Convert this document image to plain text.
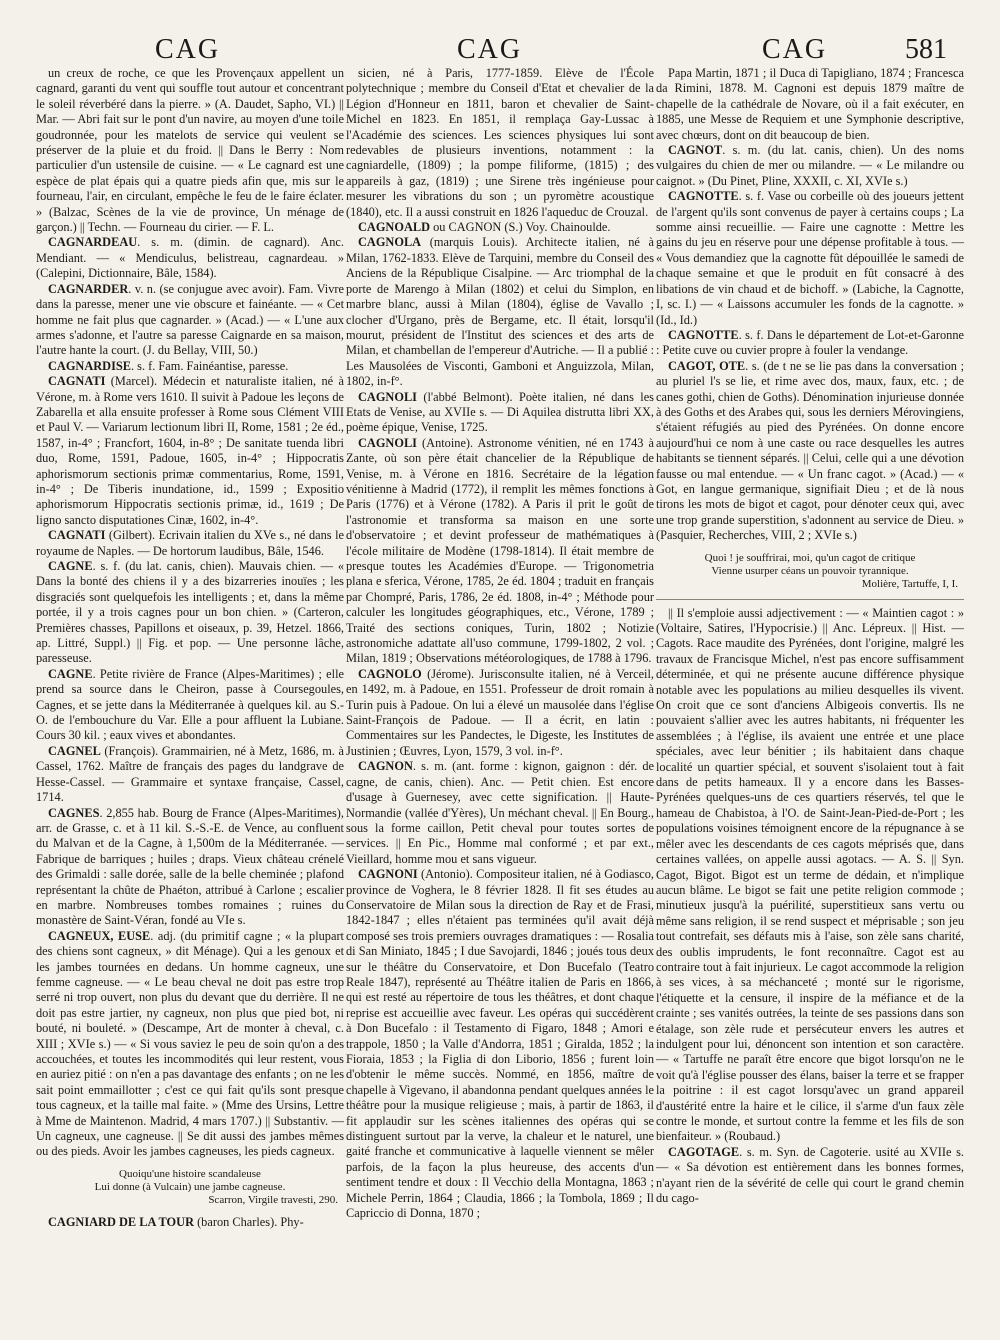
CAG	CAG	CAG	581

un creux de roche, ce que les Provençaux appellent un cagnard, garanti du vent qui souffle tout autour et concentrant le soleil réverbéré dans la pierre. » (A. Daudet, Sapho, VI.) || Mar. — Abri fait sur le pont d'un navire, au moyen d'une toile goudronnée, pour les matelots de service qui veulent se préserver de la pluie et du froid. || Dans le Berry : Nom particulier d'un ustensile de cuisine. — « Le cagnard est une espèce de plat épais qui a quatre pieds afin que, mis sur le fourneau, l'air, en circulant, empêche le feu de le faire éclater. » (Balzac, Scènes de la vie de province, Un ménage de garçon.) || Techn. — Fourneau du cirier. — F. L.

CAGNARDEAU. s. m. (dimin. de cagnard). Anc. Mendiant. — « Mendiculus, belistreau, cagnardeau. » (Calepini, Dictionnaire, Bâle, 1584).

CAGNARDER. v. n. (se conjugue avec avoir). Fam. Vivre dans la paresse, mener une vie obscure et fainéante. — « Cet homme ne fait plus que cagnarder. » (Acad.) — « L'une aux armes s'adonne, et l'autre sa paresse Caignarde en sa maison, l'autre hante la court. (J. du Bellay, VIII, 50.)

CAGNARDISE. s. f. Fam. Fainéantise, paresse.

CAGNATI (Marcel). Médecin et naturaliste italien, né à Vérone, m. à Rome vers 1610. Il suivit à Padoue les leçons de Zabarella et alla ensuite professer à Rome sous Clément VIII et Paul V. — Variarum lectionum libri II, Rome, 1581 ; 2e éd., 1587, in-4° ; Francfort, 1604, in-8° ; De sanitate tuenda libri duo, Rome, 1591, Padoue, 1605, in-4° ; Hippocratis aphorismorum sectionis primæ commentarius, Rome, 1591, in-4° ; De Tiberis inundatione, id., 1599 ; Expositio aphorismorum Hippocratis sectionis primæ, id., 1619 ; De ligno sancto disputationes Cinæ, 1602, in-4°.

CAGNATI (Gilbert). Ecrivain italien du XVe s., né dans le royaume de Naples. — De hortorum laudibus, Bâle, 1546.

CAGNE. s. f. (du lat. canis, chien). Mauvais chien. — « Dans la bonté des chiens il y a des bizarreries inouïes ; les disgraciés sont quelquefois les intelligents ; et, dans la même portée, il y a trois cagnes pour un bon chien. » (Carteron, Premières chasses, Papillons et oiseaux, p. 39, Hetzel. 1866, ap. Littré, Suppl.) || Fig. et pop. — Une personne lâche, paresseuse.

CAGNE. Petite rivière de France (Alpes-Maritimes) ; elle prend sa source dans le Cheiron, passe à Coursegoules, Cagnes, et se jette dans la Méditerranée à quelques kil. au S.-O. de l'embouchure du Var. Elle a pour affluent la Lubiane. Cours 30 kil. ; eaux vives et abondantes.

CAGNEL (François). Grammairien, né à Metz, 1686, m. à Cassel, 1762. Maître de français des pages du landgrave de Hesse-Cassel. — Grammaire et syntaxe française, Cassel, 1714.

CAGNES. 2,855 hab. Bourg de France (Alpes-Maritimes), arr. de Grasse, c. et à 11 kil. S.-S.-E. de Vence, au confluent du Malvan et de la Cagne, à 1,500m de la Méditerranée. — Fabrique de barriques ; huiles ; draps. Vieux château crénelé des Grimaldi : salle dorée, salle de la belle cheminée ; plafond représentant la chûte de Phaéton, attribué à Carlone ; escalier en marbre. Nombreuses tombes romaines ; ruines du monastère de Saint-Véran, fondé au VIe s.

CAGNEUX, EUSE. adj. (du primitif cagne ; « la plupart des chiens sont cagneux, » dit Ménage). Qui a les genoux et les jambes tournées en dedans. Un homme cagneux, une femme cagneuse. — « Le beau cheval ne doit pas estre trop serré ni trop ouvert, non plus du devant que du derrière. Il ne doit pas estre jartier, ny cagneux, non plus que pied bot, ni bouté, ni bouleté. » (Descampe, Art de monter à cheval, c. XIII ; XVIe s.) — « Si vous saviez le peu de soin qu'on a des accouchées, et toutes les incommodités qui leur restent, vous en auriez pitié : on n'en a pas davantage des enfants ; on ne les sait point emmaillotter ; c'est ce qui fait qu'ils sont presque tous cagneux, et la taille mal faite. » (Mme des Ursins, Lettre à Mme de Maintenon. Madrid, 4 mars 1707.) || Substantiv. — Un cagneux, une cagneuse. || Se dit aussi des jambes mêmes ou des pieds. Avoir les jambes cagneuses, les pieds cagneux.

Quoiqu'une histoire scandaleuse
Lui donne (à Vulcain) une jambe cagneuse.
Scarron, Virgile travesti, 290.

CAGNIARD DE LA TOUR (baron Charles). Phy-

sicien, né à Paris, 1777-1859. Elève de l'École polytechnique ; membre du Conseil d'Etat et chevalier de la Légion d'Honneur en 1811, baron et chevalier de Saint-Michel en 1823. En 1851, il remplaça Gay-Lussac à l'Académie des sciences. Les sciences physiques lui sont redevables de plusieurs inventions, notamment : la cagniardelle, (1809) ; la pompe filiforme, (1815) ; des appareils à gaz, (1819) ; une Sirene très ingénieuse pour mesurer les vibrations du son ; un pyromètre acoustique (1840), etc. Il a aussi construit en 1826 l'aqueduc de Crouzal.

CAGNOALD ou CAGNON (S.) Voy. Chainoulde.

CAGNOLA (marquis Louis). Architecte italien, né à Milan, 1762-1833. Elève de Tarquini, membre du Conseil des Anciens de la République Cisalpine. — Arc triomphal de la porte de Marengo à Milan (1802) et celui du Simplon, en marbre blanc, aussi à Milan (1804), église de Vavallo ; clocher d'Urgano, près de Bergame, etc. Il était, lorsqu'il mourut, président de l'Institut des sciences et des arts de Milan, et chambellan de l'empereur d'Autriche. — Il a publié : Les Mausolées de Visconti, Gamboni et Anguizzola, Milan, 1802, in-f°.

CAGNOLI (l'abbé Belmont). Poète italien, né dans les Etats de Venise, au XVIIe s. — Di Aquilea distrutta libri XX, poème épique, Venise, 1725.

CAGNOLI (Antoine). Astronome vénitien, né en 1743 à Zante, où son père était chancelier de la République de Venise, m. à Vérone en 1816. Secrétaire de la légation vénitienne à Madrid (1772), il remplit les mêmes fonctions à Paris (1776) et à Vérone (1782). A Paris il prit le goût de l'astronomie et transforma sa maison en une sorte d'observatoire ; et devint professeur de mathématiques à l'école militaire de Modène (1798-1814). Il était membre de presque toutes les Académies d'Europe. — Trigonometria plana e sferica, Vérone, 1785, 2e éd. 1804 ; traduit en français par Chompré, Paris, 1786, 2e éd. 1808, in-4° ; Méthode pour calculer les longitudes géographiques, etc., Vérone, 1789 ; Traité des sections coniques, Turin, 1802 ; Notizie astronomiche adattate all'uso commune, 1799-1802, 2 vol. ; Milan, 1819 ; Observations météorologiques, de 1788 à 1796.

CAGNOLO (Jérome). Jurisconsulte italien, né à Verceil, en 1492, m. à Padoue, en 1551. Professeur de droit romain à Turin puis à Padoue. On lui a élevé un mausolée dans l'église Saint-François de Padoue. — Il a écrit, en latin : Commentaires sur les Pandectes, le Digeste, les Institutes de Justinien ; Œuvres, Lyon, 1579, 3 vol. in-f°.

CAGNON. s. m. (ant. forme : kignon, gaignon : dér. de cagne, de canis, chien). Anc. — Petit chien. Est encore d'usage à Guernesey, avec cette signification. || Haute-Normandie (vallée d'Yères), Un méchant cheval. || En Bourg., sous la forme caillon, Petit cheval pour toutes sortes de services. || En Pic., Homme mal conformé ; et par ext., Vieillard, homme mou et sans vigueur.

CAGNONI (Antonio). Compositeur italien, né à Godiasco, province de Voghera, le 8 février 1828. Il fit ses études au Conservatoire de Milan sous la direction de Ray et de Frasi, 1842-1847 ; elles n'étaient pas terminées qu'il avait déjà composé ses trois premiers ouvrages dramatiques : — Rosalia di San Miniato, 1845 ; I due Savojardi, 1846 ; joués tous deux sur le théâtre du Conservatoire, et Don Bucefalo (Teatro Reale 1847), représenté au Théâtre italien de Paris en 1866, qui est resté au répertoire de tous les théâtres, et dont chaque reprise est accueillie avec faveur. Les opéras qui succédèrent à Don Bucefalo : il Testamento di Figaro, 1848 ; Amori e trappole, 1850 ; la Valle d'Andorra, 1851 ; Giralda, 1852 ; la Fioraia, 1853 ; la Figlia di don Liborio, 1856 ; furent loin d'obtenir le même succès. Nommé, en 1856, maître de chapelle à Vigevano, il abandonna pendant quelques années le théâtre pour la musique religieuse ; mais, à partir de 1863, il fit applaudir sur les scènes italiennes des opéras qui se distinguent surtout par la verve, la chaleur et le naturel, une gaité franche et communicative à laquelle viennent se mêler parfois, de la façon la plus heureuse, des accents d'un sentiment tendre et doux : Il Vecchio della Montagna, 1863 ; Michele Perrin, 1864 ; Claudia, 1866 ; la Tombola, 1869 ; Il Capriccio di Donna, 1870 ;

Papa Martin, 1871 ; il Duca di Tapigliano, 1874 ; Francesca da Rimini, 1878. M. Cagnoni est depuis 1879 maître de chapelle de la cathédrale de Novare, où il a fait exécuter, en 1885, une Messe de Requiem et une Symphonie descriptive, avec chœurs, dont on dit beaucoup de bien.

CAGNOT. s. m. (du lat. canis, chien). Un des noms vulgaires du chien de mer ou milandre. — « Le milandre ou caignot. » (Du Pinet, Pline, XXXII, c. XI, XVIe s.)

CAGNOTTE. s. f. Vase ou corbeille où des joueurs jettent de l'argent qu'ils sont convenus de payer à certains coups ; La somme ainsi recueillie. — Faire une cagnotte : Mettre les gains du jeu en réserve pour une dépense profitable à tous. — « Vous demandiez que la cagnotte fût dépouillée le samedi de chaque semaine et que le produit en fût consacré à des libations de vin chaud et de bichoff. » (Labiche, la Cagnotte, I, sc. I.) — « Laissons accumuler les fonds de la cagnotte. » (Id., Id.)

CAGNOTTE. s. f. Dans le département de Lot-et-Garonne : Petite cuve ou cuvier propre à fouler la vendange.

CAGOT, OTE. s. (de t ne se lie pas dans la conversation ; au pluriel l's se lie, et rime avec dos, maux, faux, etc. ; de canes gothi, chien de Goths). Dénomination injurieuse donnée à des Goths et des Arabes qui, sous les derniers Mérovingiens, s'étaient réfugiés au pied des Pyrénées. On donne encore aujourd'hui ce nom à une caste ou race desquelles les autres habitants se tiennent séparés. || Celui, celle qui a une dévotion fausse ou mal entendue. — « Un franc cagot. » (Acad.) — « Got, en langue germanique, signifiait Dieu ; et de là nous tirons les mots de bigot et cagot, pour dénoter ceux qui, avec une trop grande superstition, s'adonnent au service de Dieu. » (Pasquier, Recherches, VIII, 2 ; XVIe s.)

Quoi ! je souffrirai, moi, qu'un cagot de critique
Vienne usurper céans un pouvoir tyrannique.
Molière, Tartuffe, I, I.

|| Il s'emploie aussi adjectivement : — « Maintien cagot : » (Voltaire, Satires, l'Hypocrisie.) || Anc. Lépreux. || Hist. — Cagots. Race maudite des Pyrénées, dont l'origine, malgré les travaux de Francisque Michel, n'est pas encore suffisamment déterminée, et qui ne présente aucune différence physique notable avec les populations au milieu desquelles ils vivent. On croit que ce sont d'anciens Albigeois convertis. Ils ne pouvaient s'allier avec les autres habitants, ni fréquenter les assemblées ; à l'église, ils avaient une entrée et une place spéciales, avec leur bénitier ; ils habitaient dans chaque localité un quartier spécial, et souvent s'isolaient tout à fait dans de petits hameaux. Il y a encore dans les Basses-Pyrénées quelques-uns de ces quartiers réservés, tel que le hameau de Chabistoa, à l'O. de Saint-Jean-Pied-de-Port ; les populations voisines témoignent encore de la répugnance à se mêler avec les descendants de ces cagots méprisés que, dans certaines vallées, on appelle aussi agotacs. — A. S. || Syn. Cagot, Bigot. Bigot est un terme de dédain, et n'implique aucun blâme. Le bigot se fait une petite religion commode ; minutieux jusqu'à la puérilité, superstitieux sans vertu ou même sans religion, il se rend suspect et méprisable ; son jeu tout contrefait, ses défauts mis à l'aise, son zèle sans charité, des oublis imprudents, le font reconnaître. Cagot est au contraire tout à fait injurieux. Le cagot accommode la religion à ses vices, à sa méchanceté ; monté sur le rigorisme, l'étiquette et la censure, il inspire de la méfiance et de la crainte ; ses vanités outrées, la teinte de ses passions dans son étalage, son zèle rude et persécuteur envers les autres et indulgent pour lui, dénoncent son intention et son caractère. — « Tartuffe ne paraît être encore que bigot lorsqu'on ne le voit qu'à l'église pousser des élans, baiser la terre et se frapper la poitrine : il est cagot lorsqu'avec un grand appareil d'austérité entre la haire et le cilice, il s'arme d'un faux zèle contre le monde, et surtout contre la femme et les fils de son bienfaiteur. » (Roubaud.)

CAGOTAGE. s. m. Syn. de Cagoterie. usité au XVIIe s. — « Sa dévotion est entièrement dans les bonnes formes, n'ayant rien de la sévérité de celle qui court le grand chemin du cago-
